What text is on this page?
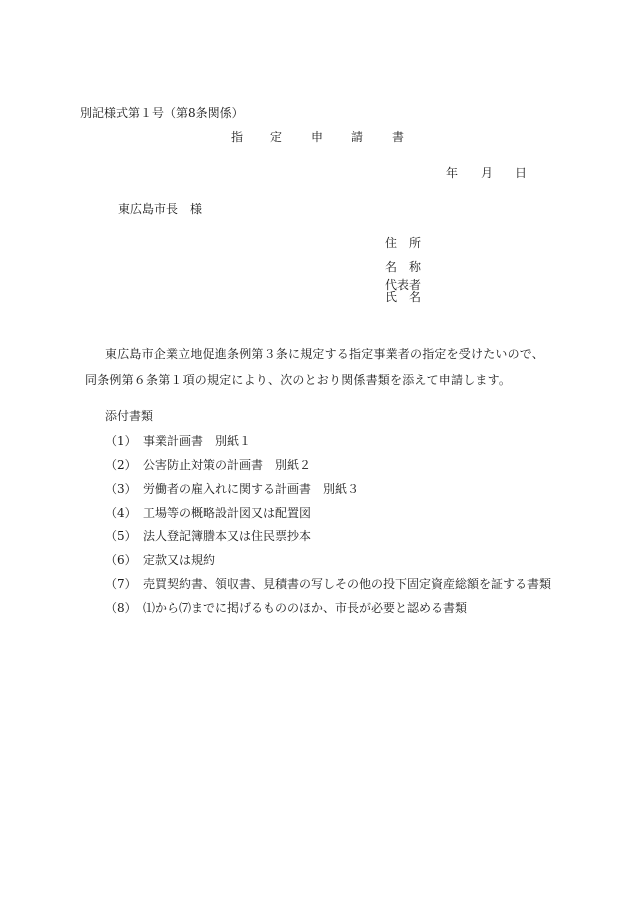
別記様式第１号（第8条関係）
指 定 申 請 書
年 月 日
東広島市長　様
住　所
名　称
代表者
氏　名
東広島市企業立地促進条例第３条に規定する指定事業者の指定を受けたいので、同条例第６条第１項の規定により、次のとおり関係書類を添えて申請します。
添付書類
（1） 事業計画書　別紙１
（2） 公害防止対策の計画書　別紙２
（3） 労働者の雇入れに関する計画書　別紙３
（4） 工場等の概略設計図又は配置図
（5） 法人登記簿謄本又は住民票抄本
（6） 定款又は規約
（7） 売買契約書、領収書、見積書の写しその他の投下固定資産総額を証する書類
（8） ⑴から⑺までに掲げるもののほか、市長が必要と認める書類
